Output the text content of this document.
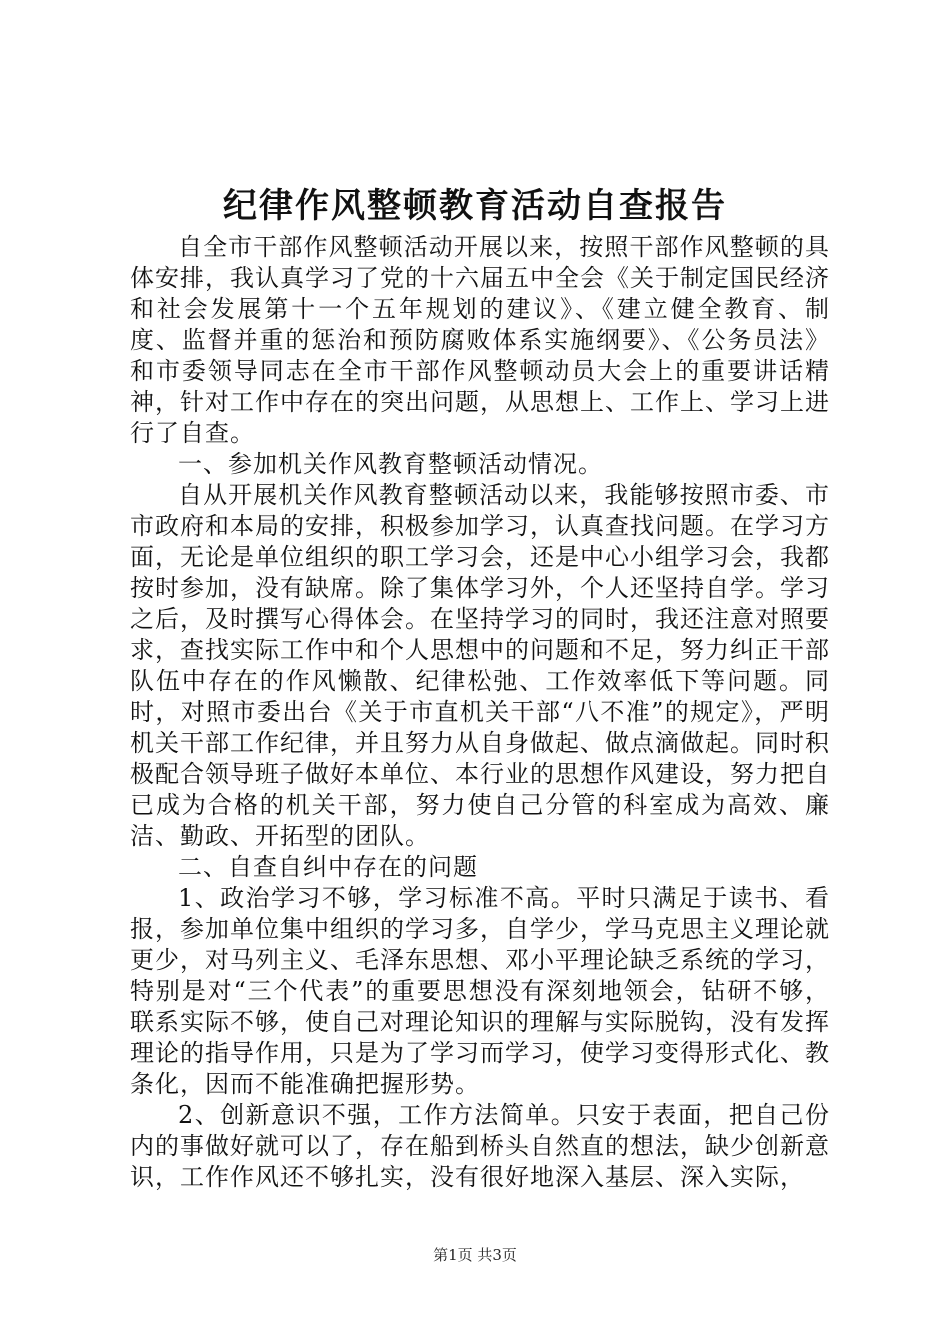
纪律作风整顿教育活动自查报告

自全市干部作风整顿活动开展以来，按照干部作风整顿的具体安排，我认真学习了党的十六届五中全会《关于制定国民经济和社会发展第十一个五年规划的建议》、《建立健全教育、制度、监督并重的惩治和预防腐败体系实施纲要》、《公务员法》和市委领导同志在全市干部作风整顿动员大会上的重要讲话精神，针对工作中存在的突出问题，从思想上、工作上、学习上进行了自查。

一、参加机关作风教育整顿活动情况。

自从开展机关作风教育整顿活动以来，我能够按照市委、市市政府和本局的安排，积极参加学习，认真查找问题。在学习方面，无论是单位组织的职工学习会，还是中心小组学习会，我都按时参加，没有缺席。除了集体学习外，个人还坚持自学。学习之后，及时撰写心得体会。在坚持学习的同时，我还注意对照要求，查找实际工作中和个人思想中的问题和不足，努力纠正干部队伍中存在的作风懒散、纪律松弛、工作效率低下等问题。同时，对照市委出台《关于市直机关干部“八不准”的规定》，严明机关干部工作纪律，并且努力从自身做起、做点滴做起。同时积极配合领导班子做好本单位、本行业的思想作风建设，努力把自已成为合格的机关干部，努力使自己分管的科室成为高效、廉洁、勤政、开拓型的团队。

二、自查自纠中存在的问题

1、政治学习不够，学习标准不高。平时只满足于读书、看报，参加单位集中组织的学习多，自学少，学马克思主义理论就更少，对马列主义、毛泽东思想、邓小平理论缺乏系统的学习，特别是对“三个代表”的重要思想没有深刻地领会，钻研不够，联系实际不够，使自己对理论知识的理解与实际脱钩，没有发挥理论的指导作用，只是为了学习而学习，使学习变得形式化、教条化，因而不能准确把握形势。

2、创新意识不强，工作方法简单。只安于表面，把自己份内的事做好就可以了，存在船到桥头自然直的想法，缺少创新意识，工作作风还不够扎实，没有很好地深入基层、深入实际，

第1页 共3页
